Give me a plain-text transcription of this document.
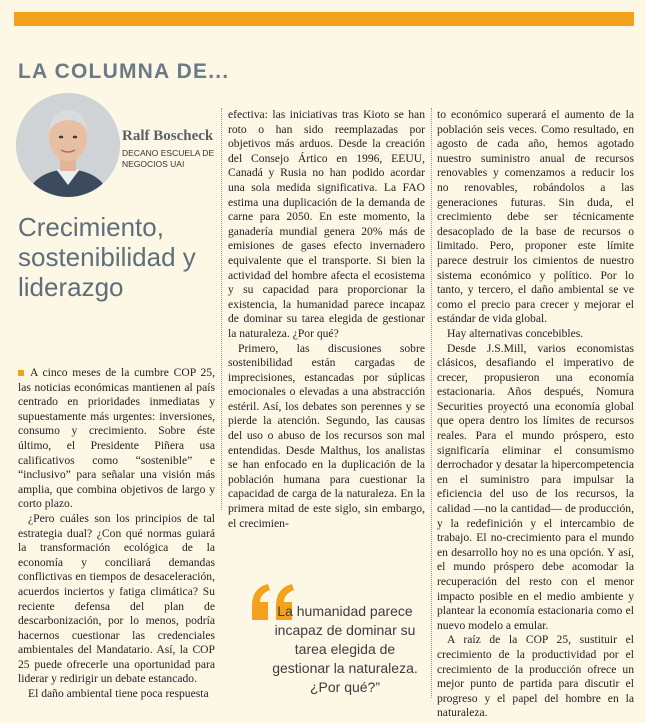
LA COLUMNA DE...
Ralf Boscheck
DECANO ESCUELA DE NEGOCIOS UAI
Crecimiento, sostenibilidad y liderazgo

A cinco meses de la cumbre COP 25, las noticias económicas mantienen al país centrado en prioridades inmediatas y supuestamente más urgentes: inversiones, consumo y crecimiento. Sobre éste último, el Presidente Piñera usa calificativos como “sostenible” e “inclusivo” para señalar una visión más amplia, que combina objetivos de largo y corto plazo.

¿Pero cuáles son los principios de tal estrategia dual? ¿Con qué normas guiará la transformación ecológica de la economía y conciliará demandas conflictivas en tiempos de desaceleración, acuerdos inciertos y fatiga climática? Su reciente defensa del plan de descarbonización, por lo menos, podría hacernos cuestionar las credenciales ambientales del Mandatario. Así, la COP 25 puede ofrecerle una oportunidad para liderar y redirigir un debate estancado.

El daño ambiental tiene poca respuesta

efectiva: las iniciativas tras Kioto se han roto o han sido reemplazadas por objetivos más arduos. Desde la creación del Consejo Ártico en 1996, EEUU, Canadá y Rusia no han podido acordar una sola medida significativa. La FAO estima una duplicación de la demanda de carne para 2050. En este momento, la ganadería mundial genera 20% más de emisiones de gases efecto invernadero equivalente que el transporte. Si bien la actividad del hombre afecta el ecosistema y su capacidad para proporcionar la existencia, la humanidad parece incapaz de dominar su tarea elegida de gestionar la naturaleza. ¿Por qué?

Primero, las discusiones sobre sostenibilidad están cargadas de imprecisiones, estancadas por súplicas emocionales o elevadas a una abstracción estéril. Así, los debates son perennes y se pierde la atención. Segundo, las causas del uso o abuso de los recursos son mal entendidas. Desde Malthus, los analistas se han enfocado en la duplicación de la población humana para cuestionar la capacidad de carga de la naturaleza. En la primera mitad de este siglo, sin embargo, el crecimien-

to económico superará el aumento de la población seis veces. Como resultado, en agosto de cada año, hemos agotado nuestro suministro anual de recursos renovables y comenzamos a reducir los no renovables, robándolos a las generaciones futuras. Sin duda, el crecimiento debe ser técnicamente desacoplado de la base de recursos o limitado. Pero, proponer este límite parece destruir los cimientos de nuestro sistema económico y político. Por lo tanto, y tercero, el daño ambiental se ve como el precio para crecer y mejorar el estándar de vida global.

Hay alternativas concebibles.

Desde J.S.Mill, varios economistas clásicos, desafiando el imperativo de crecer, propusieron una economía estacionaria. Años después, Nomura Securities proyectó una economía global que opera dentro los límites de recursos reales. Para el mundo próspero, esto significaría eliminar el consumismo derrochador y desatar la hipercompetencia en el suministro para impulsar la eficiencia del uso de los recursos, la calidad —no la cantidad— de producción, y la redefinición y el intercambio de trabajo. El no-crecimiento para el mundo en desarrollo hoy no es una opción. Y así, el mundo próspero debe acomodar la recuperación del resto con el menor impacto posible en el medio ambiente y plantear la economía estacionaria como el nuevo modelo a emular.

A raíz de la COP 25, sustituir el crecimiento de la productividad por el crecimiento de la producción ofrece un mejor punto de partida para discutir el progreso y el papel del hombre en la naturaleza.

La humanidad parece incapaz de dominar su tarea elegida de gestionar la naturaleza. ¿Por qué?”
